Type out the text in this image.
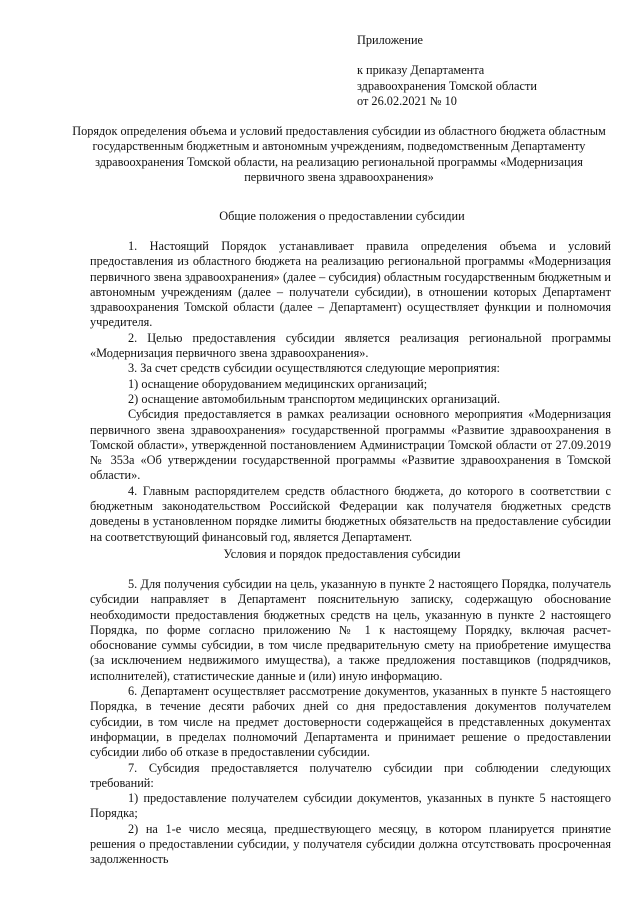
Приложение
к приказу Департамента
здравоохранения Томской области
от 26.02.2021 № 10
Порядок определения объема и условий предоставления субсидии из областного бюджета областным государственным бюджетным и автономным учреждениям, подведомственным Департаменту здравоохранения Томской области, на реализацию региональной программы «Модернизация первичного звена здравоохранения»
Общие положения о предоставлении субсидии

1. Настоящий Порядок устанавливает правила определения объема и условий предоставления из областного бюджета на реализацию региональной программы «Модернизация первичного звена здравоохранения» (далее – субсидия) областным государственным бюджетным и автономным учреждениям (далее – получатели субсидии), в отношении которых Департамент здравоохранения Томской области (далее – Департамент) осуществляет функции и полномочия учредителя.

2. Целью предоставления субсидии является реализация региональной программы «Модернизация первичного звена здравоохранения».

3. За счет средств субсидии осуществляются следующие мероприятия:

1) оснащение оборудованием медицинских организаций;

2) оснащение автомобильным транспортом медицинских организаций.

Субсидия предоставляется в рамках реализации основного мероприятия «Модернизация первичного звена здравоохранения» государственной программы «Развитие здравоохранения в Томской области», утвержденной постановлением Администрации Томской области от 27.09.2019 № 353а «Об утверждении государственной программы «Развитие здравоохранения в Томской области».

4. Главным распорядителем средств областного бюджета, до которого в соответствии с бюджетным законодательством Российской Федерации как получателя бюджетных средств доведены в установленном порядке лимиты бюджетных обязательств на предоставление субсидии на соответствующий финансовый год, является Департамент.

Условия и порядок предоставления субсидии

5. Для получения субсидии на цель, указанную в пункте 2 настоящего Порядка, получатель субсидии направляет в Департамент пояснительную записку, содержащую обоснование необходимости предоставления бюджетных средств на цель, указанную в пункте 2 настоящего Порядка, по форме согласно приложению № 1 к настоящему Порядку, включая расчет-обоснование суммы субсидии, в том числе предварительную смету на приобретение имущества (за исключением недвижимого имущества), а также предложения поставщиков (подрядчиков, исполнителей), статистические данные и (или) иную информацию.

6. Департамент осуществляет рассмотрение документов, указанных в пункте 5 настоящего Порядка, в течение десяти рабочих дней со дня предоставления документов получателем субсидии, в том числе на предмет достоверности содержащейся в представленных документах информации, в пределах полномочий Департамента и принимает решение о предоставлении субсидии либо об отказе в предоставлении субсидии.

7. Субсидия предоставляется получателю субсидии при соблюдении следующих требований:

1) предоставление получателем субсидии документов, указанных в пункте 5 настоящего Порядка;

2) на 1-е число месяца, предшествующего месяцу, в котором планируется принятие решения о предоставлении субсидии, у получателя субсидии должна отсутствовать просроченная задолженность
